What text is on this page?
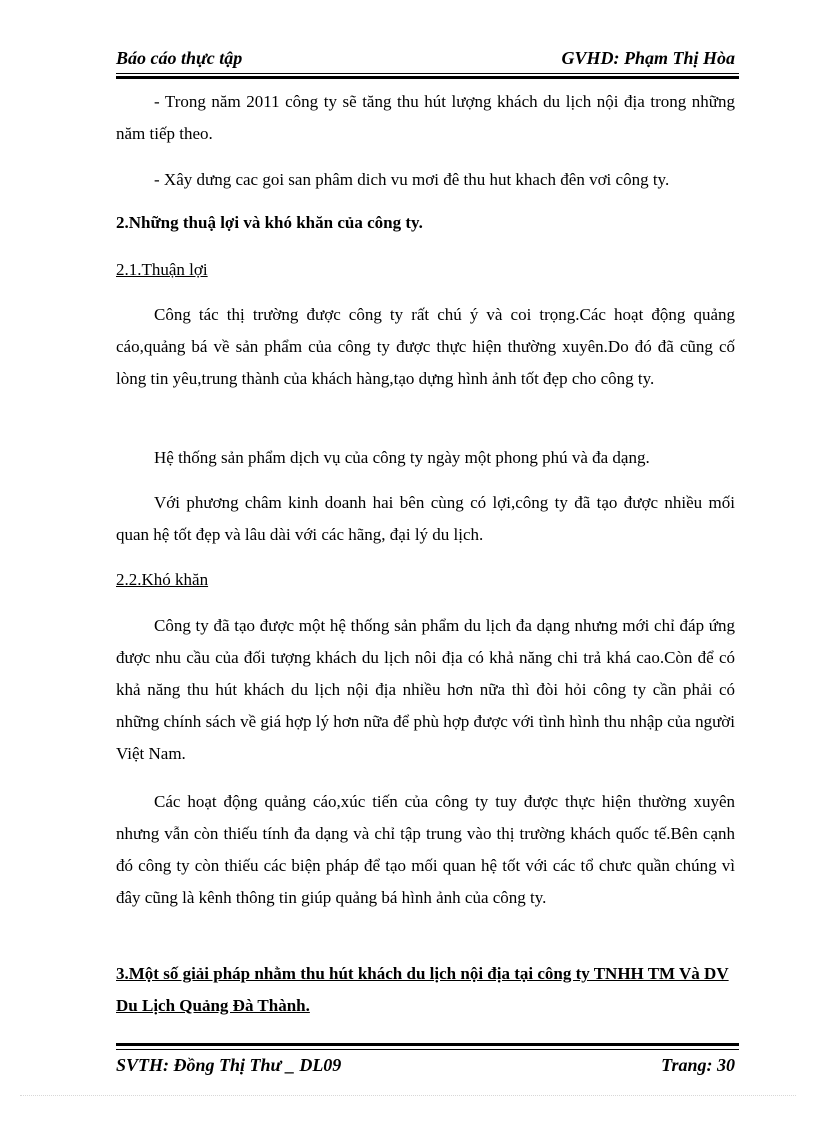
Báo cáo thực tập	GVHD: Phạm Thị Hòa

- Trong năm 2011 công ty sẽ tăng thu hút lượng khách du lịch nội địa trong những năm tiếp theo.

- Xây dưng cac goi san phâm dich vu mơi đê thu hut khach đên vơi công ty.

2.Những thuậ lợi và khó khăn của công ty.

2.1.Thuận lợi

Công tác thị trường được công ty rất chú ý và coi trọng.Các hoạt động quảng cáo,quảng bá về sản phẩm của công ty được thực hiện thường xuyên.Do đó đã cũng cố lòng tin yêu,trung thành của khách hàng,tạo dựng hình ảnh tốt đẹp cho công ty.

Hệ thống sản phẩm dịch vụ của công ty ngày một phong phú và đa dạng.

Với phương châm kinh doanh hai bên cùng có lợi,công ty đã tạo được nhiều mối quan hệ tốt đẹp và lâu dài với các hãng, đại lý du lịch.

2.2.Khó khăn

Công ty đã tạo được một hệ thống sản phẩm du lịch đa dạng nhưng mới chỉ đáp ứng được nhu cầu của đối tượng khách du lịch nôi địa có khả năng chi trả khá cao.Còn để có khả năng thu hút khách du lịch nội địa nhiều hơn nữa thì đòi hỏi công ty cần phải có những chính sách về giá hợp lý hơn nữa để phù hợp được với tình hình thu nhập của người Việt Nam.

Các hoạt động quảng cáo,xúc tiến của công ty tuy được thực hiện thường xuyên nhưng vẫn còn thiếu tính đa dạng và chỉ tập trung vào thị trường khách quốc tế.Bên cạnh đó công ty còn thiếu các biện pháp để tạo mối quan hệ tốt với các tổ chưc quần chúng vì đây cũng là kênh thông tin giúp quảng bá hình ảnh của công ty.

3.Một số giải pháp nhằm thu hút khách du lịch nội địa tại công ty TNHH TM Và DV Du Lịch Quảng Đà Thành.

SVTH: Đồng Thị Thư _ DL09	Trang: 30
